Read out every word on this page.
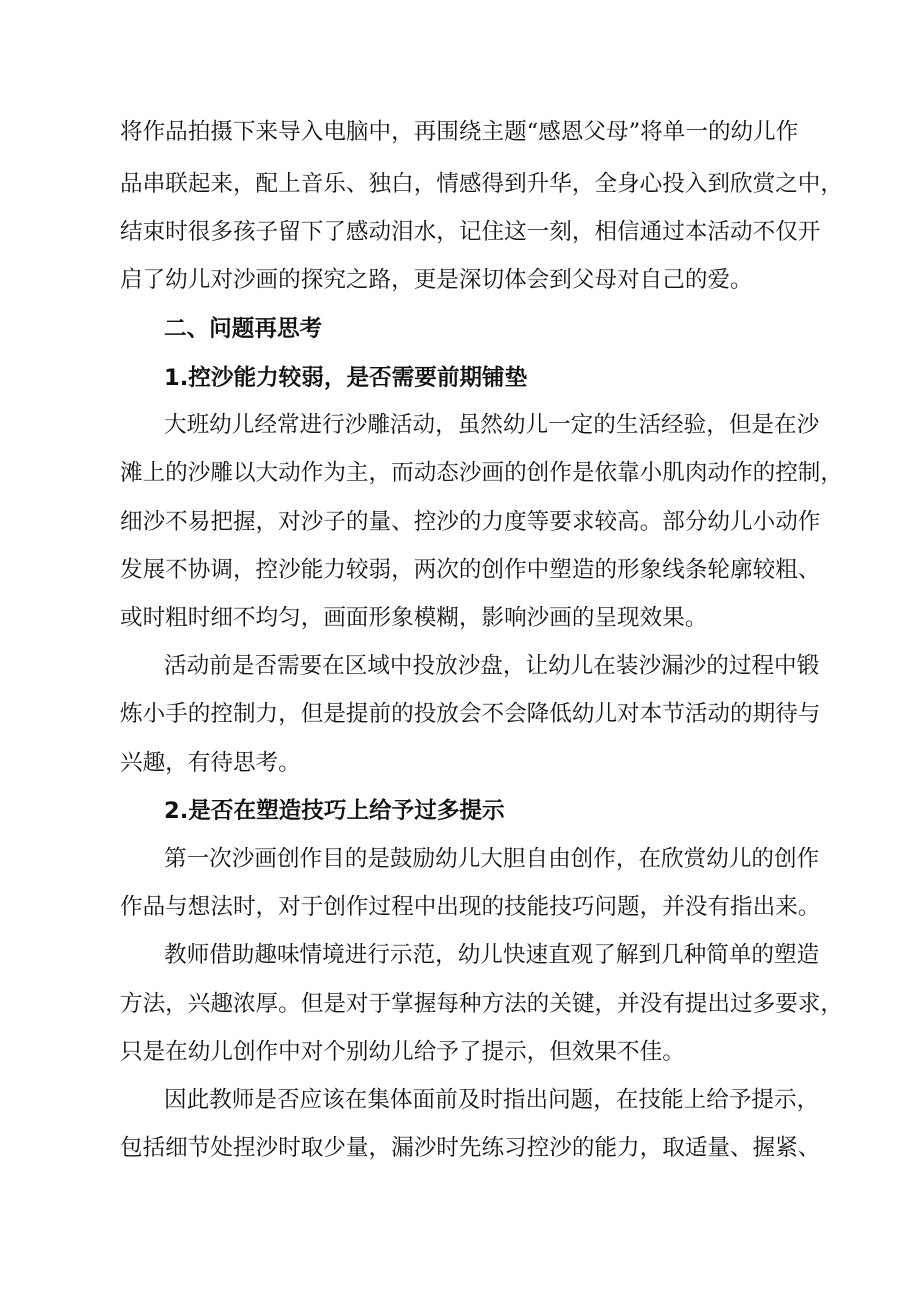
将作品拍摄下来导入电脑中，再围绕主题“感恩父母”将单一的幼儿作
品串联起来，配上音乐、独白，情感得到升华，全身心投入到欣赏之中，
结束时很多孩子留下了感动泪水，记住这一刻，相信通过本活动不仅开
启了幼儿对沙画的探究之路，更是深切体会到父母对自己的爱。
二、问题再思考
1.控沙能力较弱，是否需要前期铺垫
大班幼儿经常进行沙雕活动，虽然幼儿一定的生活经验，但是在沙
滩上的沙雕以大动作为主，而动态沙画的创作是依靠小肌肉动作的控制，
细沙不易把握，对沙子的量、控沙的力度等要求较高。部分幼儿小动作
发展不协调，控沙能力较弱，两次的创作中塑造的形象线条轮廓较粗、
或时粗时细不均匀，画面形象模糊，影响沙画的呈现效果。
活动前是否需要在区域中投放沙盘，让幼儿在装沙漏沙的过程中锻
炼小手的控制力，但是提前的投放会不会降低幼儿对本节活动的期待与
兴趣，有待思考。
2.是否在塑造技巧上给予过多提示
第一次沙画创作目的是鼓励幼儿大胆自由创作，在欣赏幼儿的创作
作品与想法时，对于创作过程中出现的技能技巧问题，并没有指出来。
教师借助趣味情境进行示范，幼儿快速直观了解到几种简单的塑造
方法，兴趣浓厚。但是对于掌握每种方法的关键，并没有提出过多要求，
只是在幼儿创作中对个别幼儿给予了提示，但效果不佳。
因此教师是否应该在集体面前及时指出问题，在技能上给予提示，
包括细节处捏沙时取少量，漏沙时先练习控沙的能力，取适量、握紧、
